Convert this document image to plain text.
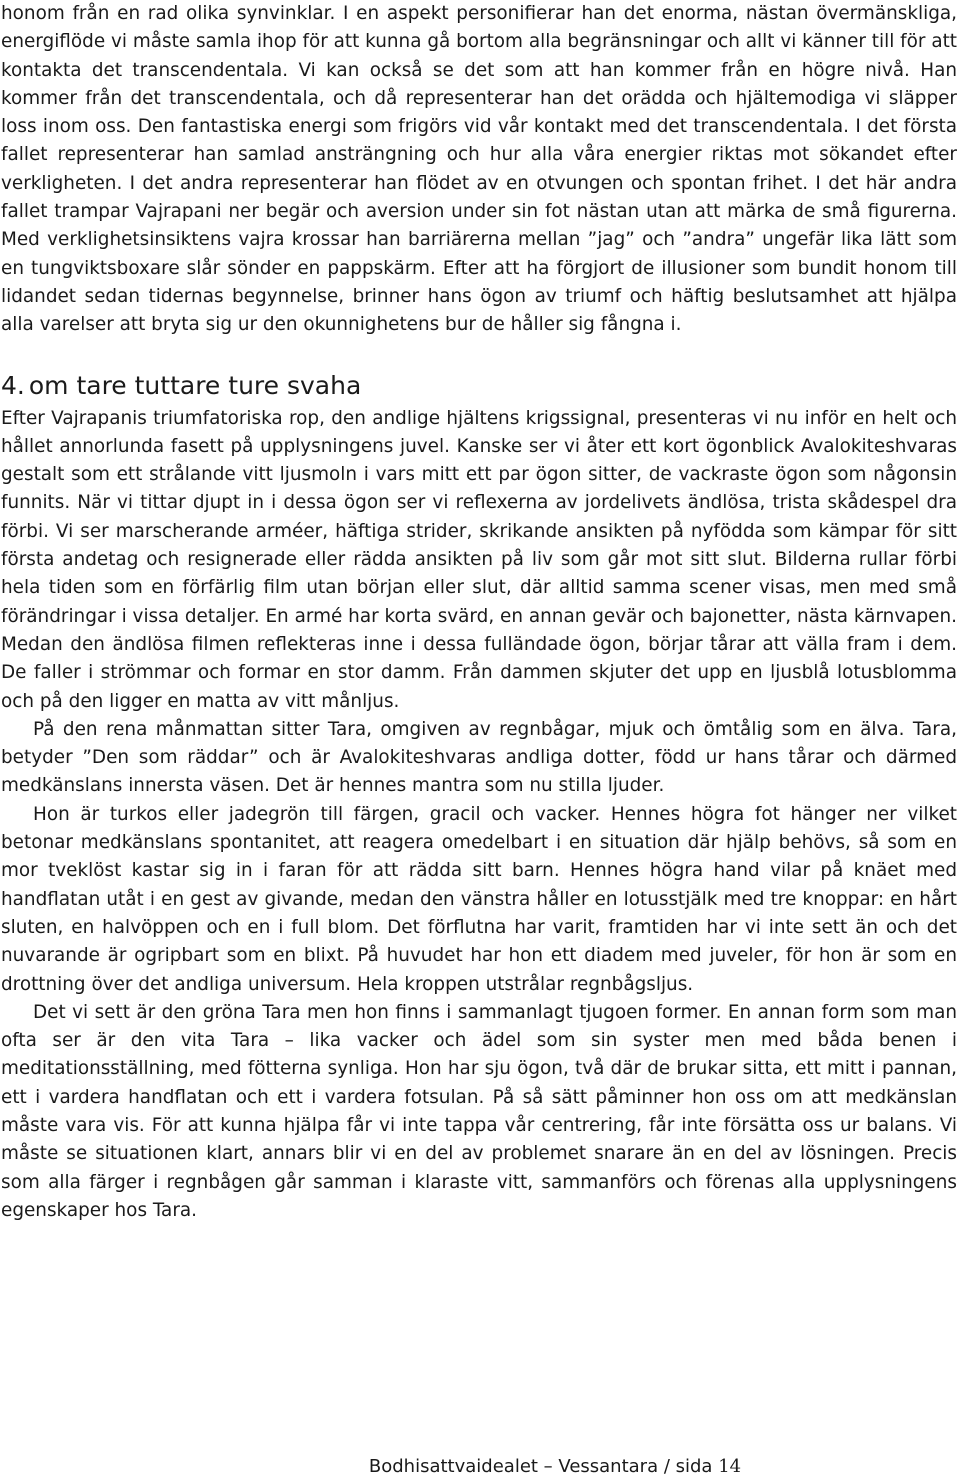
honom från en rad olika synvinklar. I en aspekt personifierar han det enorma, nästan övermänskliga, energiflöde vi måste samla ihop för att kunna gå bortom alla begränsningar och allt vi känner till för att kontakta det transcendentala. Vi kan också se det som att han kommer från en högre nivå. Han kommer från det transcendentala, och då representerar han det orädda och hjältemodiga vi släpper loss inom oss. Den fantastiska energi som frigörs vid vår kontakt med det transcendentala. I det första fallet representerar han samlad ansträngning och hur alla våra energier riktas mot sökandet efter verkligheten. I det andra representerar han flödet av en otvungen och spontan frihet. I det här andra fallet trampar Vajrapani ner begär och aversion under sin fot nästan utan att märka de små figurerna. Med verklighetsinsiktens vajra krossar han barriärerna mellan ”jag” och ”andra” ungefär lika lätt som en tungviktsboxare slår sönder en pappskärm. Efter att ha förgjort de illusioner som bundit honom till lidandet sedan tidernas begynnelse, brinner hans ögon av triumf och häftig beslutsamhet att hjälpa alla varelser att bryta sig ur den okunnighetens bur de håller sig fångna i.

4. om tare tuttare ture svaha

Efter Vajrapanis triumfatoriska rop, den andlige hjältens krigssignal, presenteras vi nu inför en helt och hållet annorlunda fasett på upplysningens juvel. Kanske ser vi åter ett kort ögonblick Avalokiteshvaras gestalt som ett strålande vitt ljusmoln i vars mitt ett par ögon sitter, de vackraste ögon som någonsin funnits. När vi tittar djupt in i dessa ögon ser vi reflexerna av jordelivets ändlösa, trista skådespel dra förbi. Vi ser marscherande arméer, häftiga strider, skrikande ansikten på nyfödda som kämpar för sitt första andetag och resignerade eller rädda ansikten på liv som går mot sitt slut. Bilderna rullar förbi hela tiden som en förfärlig film utan början eller slut, där alltid samma scener visas, men med små förändringar i vissa detaljer. En armé har korta svärd, en annan gevär och bajonetter, nästa kärnvapen. Medan den ändlösa filmen reflekteras inne i dessa fulländade ögon, börjar tårar att välla fram i dem. De faller i strömmar och formar en stor damm. Från dammen skjuter det upp en ljusblå lotusblomma och på den ligger en matta av vitt månljus.

På den rena månmattan sitter Tara, omgiven av regnbågar, mjuk och ömtålig som en älva. Tara, betyder ”Den som räddar” och är Avalokiteshvaras andliga dotter, född ur hans tårar och därmed medkänslans innersta väsen. Det är hennes mantra som nu stilla ljuder.

Hon är turkos eller jadegrön till färgen, gracil och vacker. Hennes högra fot hänger ner vilket betonar medkänslans spontanitet, att reagera omedelbart i en situation där hjälp behövs, så som en mor tveklöst kastar sig in i faran för att rädda sitt barn. Hennes högra hand vilar på knäet med handflatan utåt i en gest av givande, medan den vänstra håller en lotusstjälk med tre knoppar: en hårt sluten, en halvöppen och en i full blom. Det förflutna har varit, framtiden har vi inte sett än och det nuvarande är ogripbart som en blixt. På huvudet har hon ett diadem med juveler, för hon är som en drottning över det andliga universum. Hela kroppen utstrålar regnbågsljus.

Det vi sett är den gröna Tara men hon finns i sammanlagt tjugoen former. En annan form som man ofta ser är den vita Tara – lika vacker och ädel som sin syster men med båda benen i meditationsställning, med fötterna synliga. Hon har sju ögon, två där de brukar sitta, ett mitt i pannan, ett i vardera handflatan och ett i vardera fotsulan. På så sätt påminner hon oss om att medkänslan måste vara vis. För att kunna hjälpa får vi inte tappa vår centrering, får inte försätta oss ur balans. Vi måste se situationen klart, annars blir vi en del av problemet snarare än en del av lösningen. Precis som alla färger i regnbågen går samman i klaraste vitt, sammanförs och förenas alla upplysningens egenskaper hos Tara.

Bodhisattvaidealet – Vessantara / sida 14
